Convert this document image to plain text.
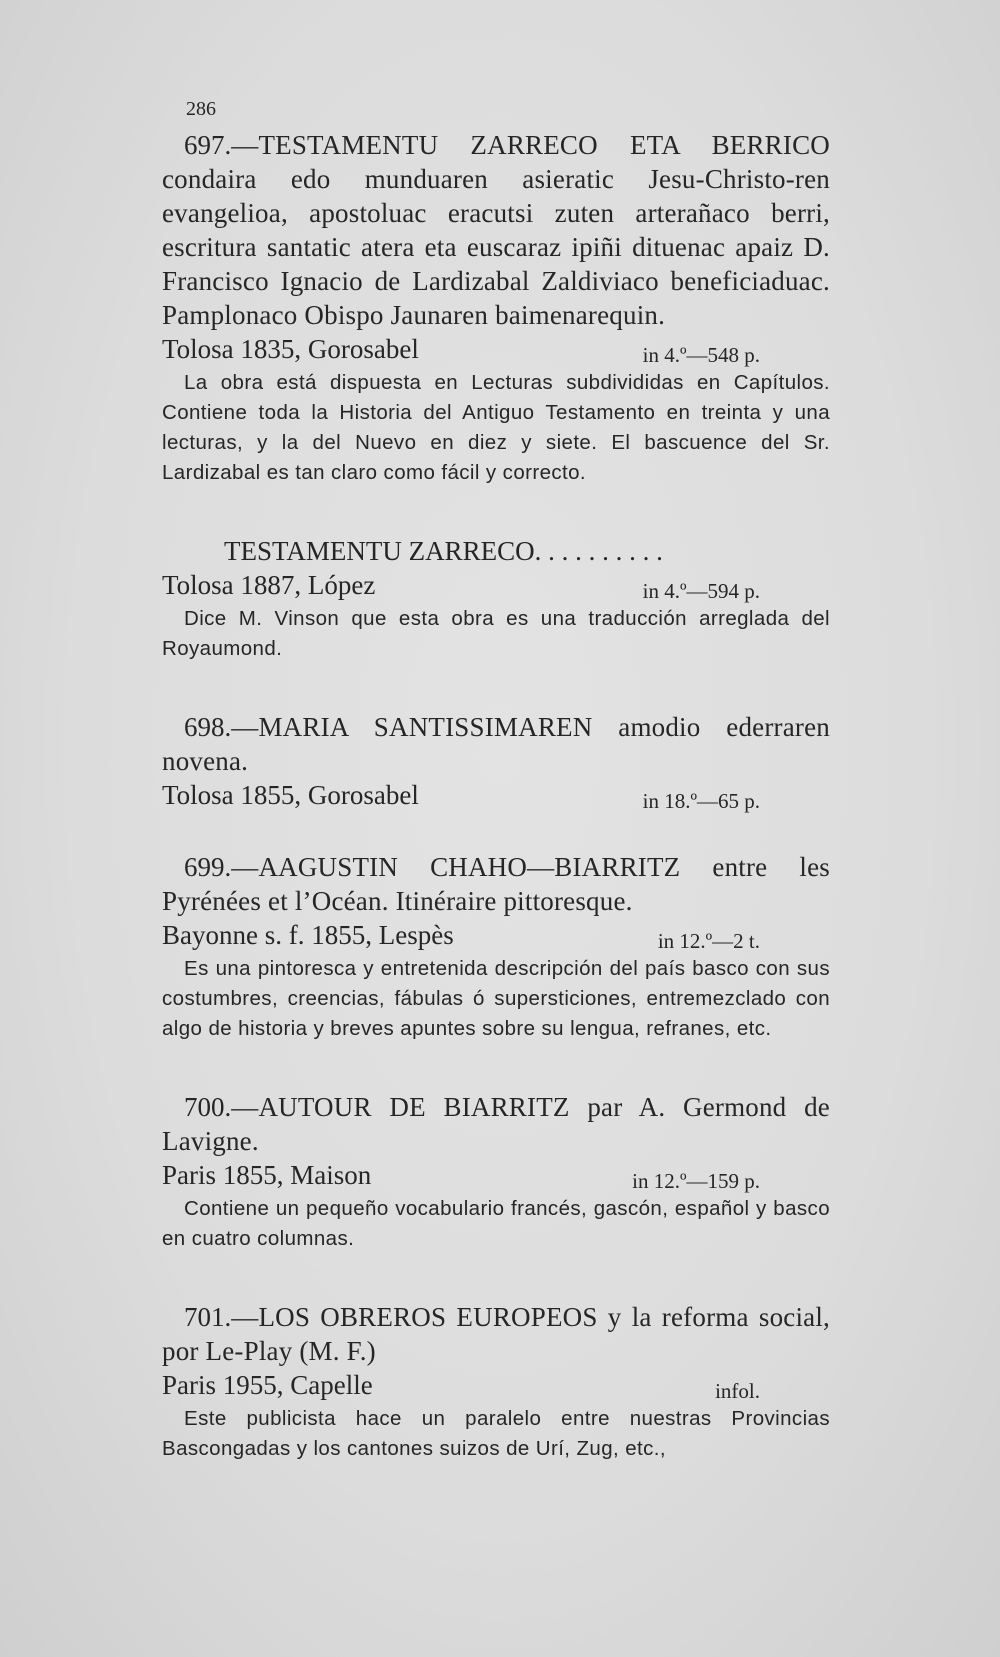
286
697.—TESTAMENTU ZARRECO ETA BERRICO condaira edo munduaren asieratic Jesu-Christo-ren evangelioa, apostoluac eracutsi zuten arterañaco berri, escritura santatic atera eta euscaraz ipiñi dituenac apaiz D. Francisco Ignacio de Lardizabal Zaldiviaco beneficiaduac. Pamplonaco Obispo Jaunaren baimenarequin.
Tolosa 1835, Gorosabel	in 4.º—548 p.
La obra está dispuesta en Lecturas subdivididas en Capítulos. Contiene toda la Historia del Antiguo Testamento en treinta y una lecturas, y la del Nuevo en diez y siete. El bascuence del Sr. Lardizabal es tan claro como fácil y correcto.
TESTAMENTU ZARRECO. . . . . . . . . .
Tolosa 1887, López	in 4.º—594 p.
Dice M. Vinson que esta obra es una traducción arreglada del Royaumond.
698.—MARIA SANTISSIMAREN amodio ederraren novena.
Tolosa 1855, Gorosabel	in 18.º—65 p.
699.—AAGUSTIN CHAHO—BIARRITZ entre les Pyrénées et l’Océan. Itinéraire pittoresque.
Bayonne s. f. 1855, Lespès	in 12.º—2 t.
Es una pintoresca y entretenida descripción del país basco con sus costumbres, creencias, fábulas ó supersticiones, entremezclado con algo de historia y breves apuntes sobre su lengua, refranes, etc.
700.—AUTOUR DE BIARRITZ par A. Germond de Lavigne.
Paris 1855, Maison	in 12.º—159 p.
Contiene un pequeño vocabulario francés, gascón, español y basco en cuatro columnas.
701.—LOS OBREROS EUROPEOS y la reforma social, por Le-Play (M. F.)
Paris 1955, Capelle	infol.
Este publicista hace un paralelo entre nuestras Provincias Bascongadas y los cantones suizos de Urí, Zug, etc.,
